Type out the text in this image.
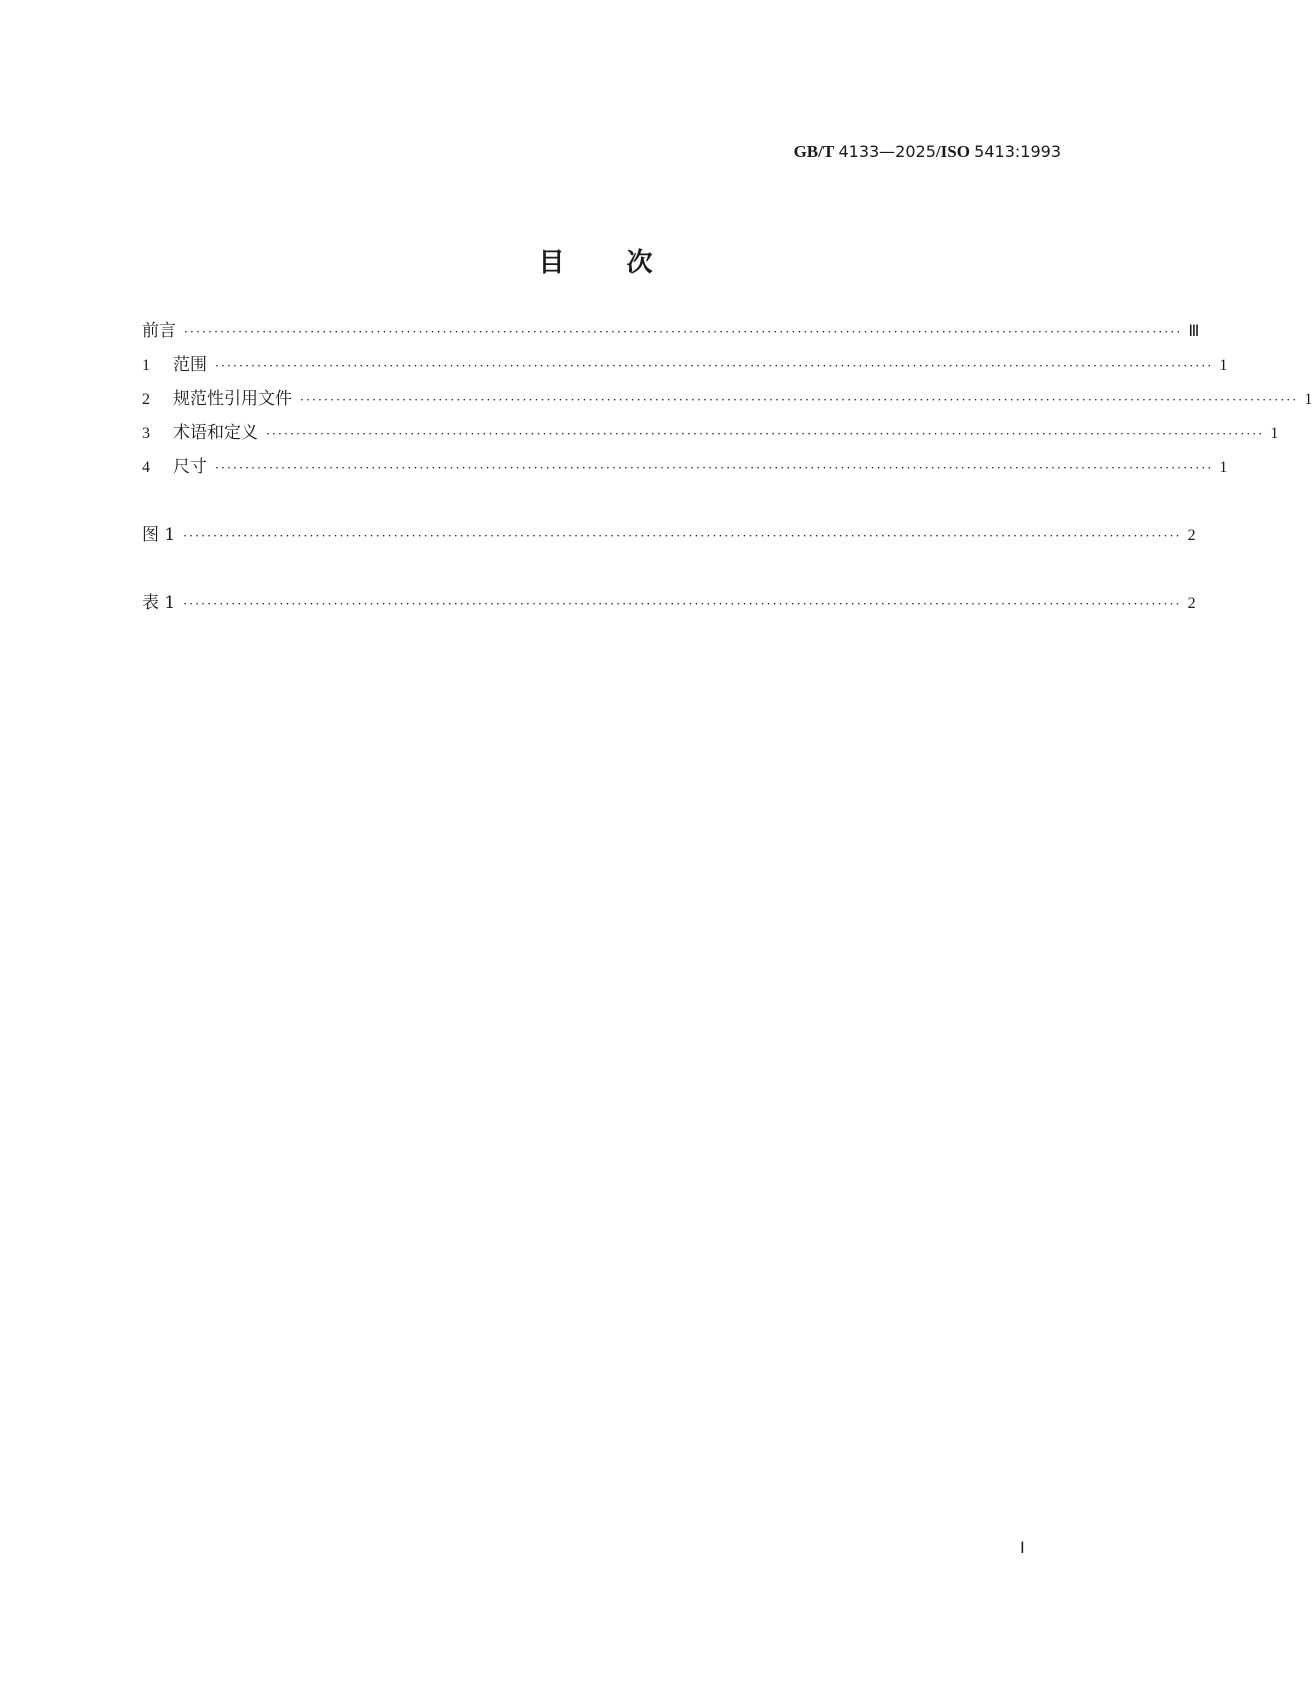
GB/T 4133—2025/ISO 5413:1993
目次
前言 ······································································································································································ Ⅲ
1 范围 ······································································································································································ 1
2 规范性引用文件 ······································································································································································ 1
3 术语和定义 ······································································································································································ 1
4 尺寸 ······································································································································································ 1
图 1 ······································································································································································ 2
表 1 ······································································································································································ 2
Ⅰ
